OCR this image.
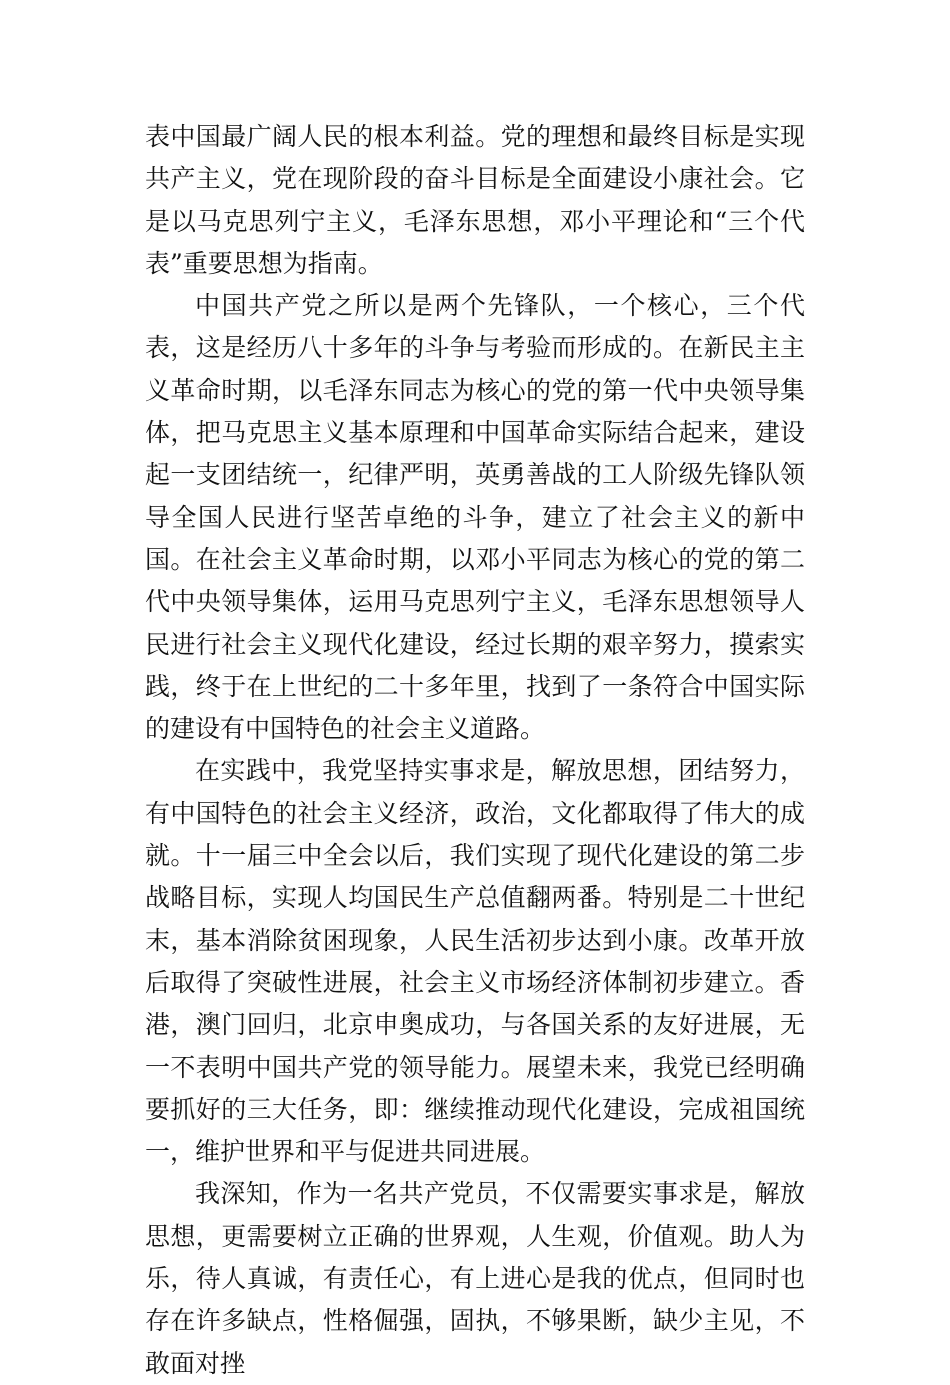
表中国最广阔人民的根本利益。党的理想和最终目标是实现共产主义，党在现阶段的奋斗目标是全面建设小康社会。它是以马克思列宁主义，毛泽东思想，邓小平理论和“三个代表”重要思想为指南。

中国共产党之所以是两个先锋队，一个核心，三个代表，这是经历八十多年的斗争与考验而形成的。在新民主主义革命时期，以毛泽东同志为核心的党的第一代中央领导集体，把马克思主义基本原理和中国革命实际结合起来，建设起一支团结统一，纪律严明，英勇善战的工人阶级先锋队领导全国人民进行坚苦卓绝的斗争，建立了社会主义的新中国。在社会主义革命时期，以邓小平同志为核心的党的第二代中央领导集体，运用马克思列宁主义，毛泽东思想领导人民进行社会主义现代化建设，经过长期的艰辛努力，摸索实践，终于在上世纪的二十多年里，找到了一条符合中国实际的建设有中国特色的社会主义道路。

在实践中，我党坚持实事求是，解放思想，团结努力，有中国特色的社会主义经济，政治，文化都取得了伟大的成就。十一届三中全会以后，我们实现了现代化建设的第二步战略目标，实现人均国民生产总值翻两番。特别是二十世纪末，基本消除贫困现象，人民生活初步达到小康。改革开放后取得了突破性进展，社会主义市场经济体制初步建立。香港，澳门回归，北京申奥成功，与各国关系的友好进展，无一不表明中国共产党的领导能力。展望未来，我党已经明确要抓好的三大任务，即：继续推动现代化建设，完成祖国统一，维护世界和平与促进共同进展。

我深知，作为一名共产党员，不仅需要实事求是，解放思想，更需要树立正确的世界观，人生观，价值观。助人为乐，待人真诚，有责任心，有上进心是我的优点，但同时也存在许多缺点，性格倔强，固执，不够果断，缺少主见，不敢面对挫
